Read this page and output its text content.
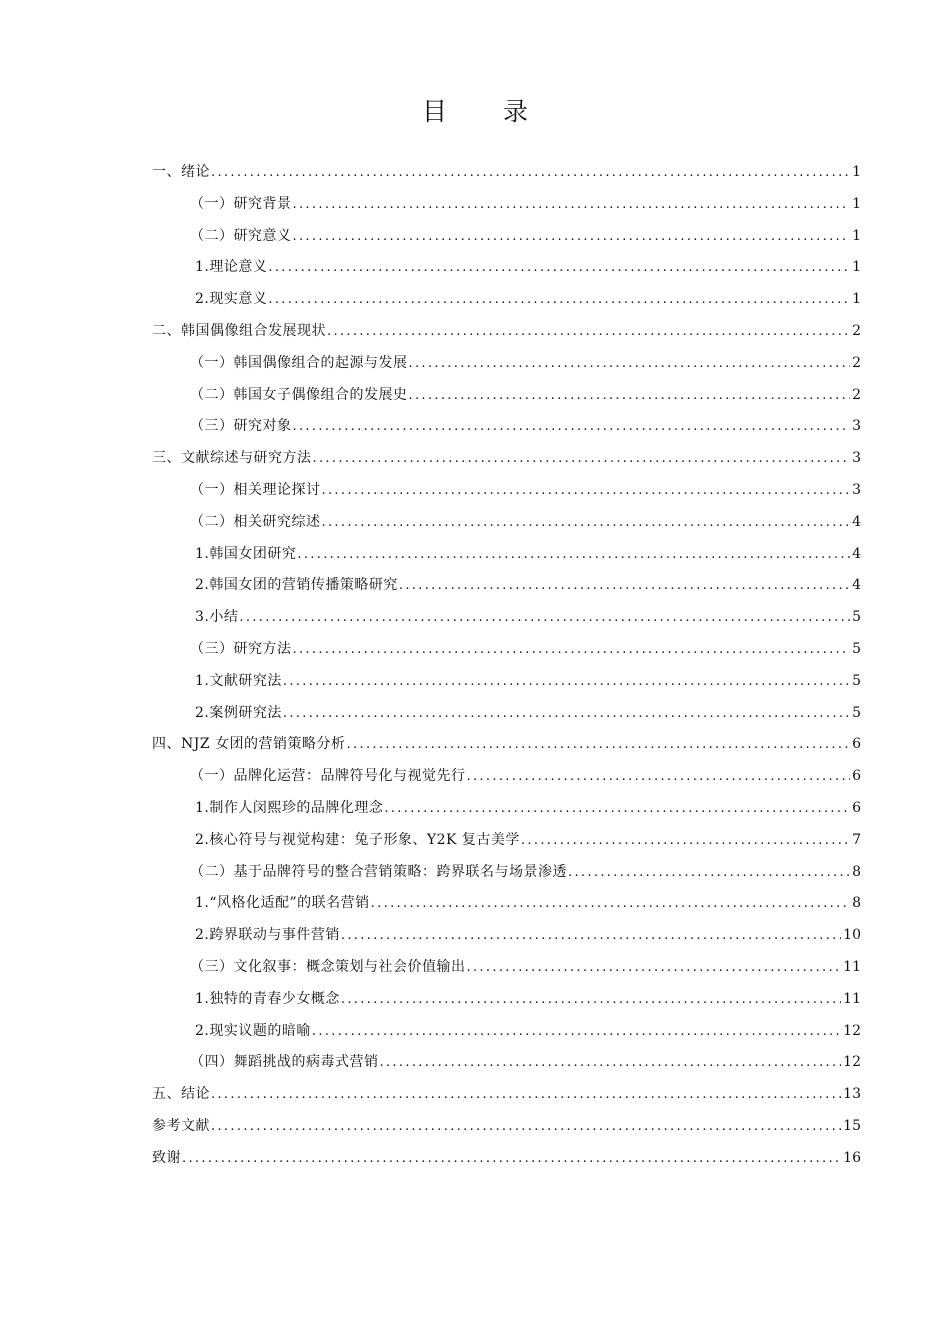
目 录
一、绪论 . . .	1
（一）研究背景 . . .	1
（二）研究意义 . . .	1
1.理论意义 . . .	1
2.现实意义 . . .	1
二、韩国偶像组合发展现状 . . .	2
（一）韩国偶像组合的起源与发展 . . .	2
（二）韩国女子偶像组合的发展史 . . .	2
（三）研究对象 . . .	3
三、文献综述与研究方法 . . .	3
（一）相关理论探讨 . . .	3
（二）相关研究综述 . . .	4
1.韩国女团研究 . . .	4
2.韩国女团的营销传播策略研究 . . .	4
3.小结 . . .	5
（三）研究方法 . . .	5
1.文献研究法 . . .	5
2.案例研究法 . . .	5
四、NJZ 女团的营销策略分析 . . .	6
（一）品牌化运营：品牌符号化与视觉先行 . . .	6
1.制作人闵熙珍的品牌化理念 . . .	6
2.核心符号与视觉构建：兔子形象、Y2K 复古美学 . . .	7
（二）基于品牌符号的整合营销策略：跨界联名与场景渗透 . . .	8
1.“风格化适配”的联名营销 . . .	8
2.跨界联动与事件营销 . . .	10
（三）文化叙事：概念策划与社会价值输出 . . .	11
1.独特的青春少女概念 . . .	11
2.现实议题的暗喻 . . .	12
（四）舞蹈挑战的病毒式营销 . . .	12
五、结论 . . .	13
参考文献 . . .	15
致谢 . . .	16
